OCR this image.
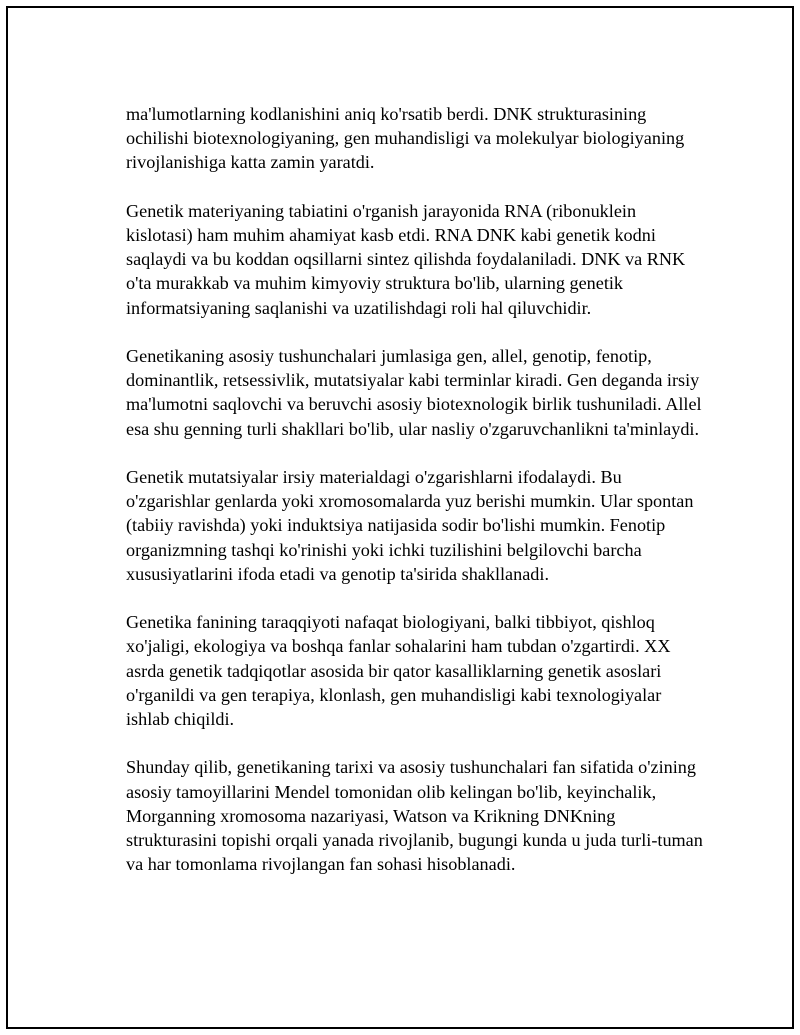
ma'lumotlarning kodlanishini aniq ko'rsatib berdi. DNK strukturasining ochilishi biotexnologiyaning, gen muhandisligi va molekulyar biologiyaning rivojlanishiga katta zamin yaratdi.

Genetik materiyaning tabiatini o'rganish jarayonida RNA (ribonuklein kislotasi) ham muhim ahamiyat kasb etdi. RNA DNK kabi genetik kodni saqlaydi va bu koddan oqsillarni sintez qilishda foydalaniladi. DNK va RNK o'ta murakkab va muhim kimyoviy struktura bo'lib, ularning genetik informatsiyaning saqlanishi va uzatilishdagi roli hal qiluvchidir.

Genetikaning asosiy tushunchalari jumlasiga gen, allel, genotip, fenotip, dominantlik, retsessivlik, mutatsiyalar kabi terminlar kiradi. Gen deganda irsiy ma'lumotni saqlovchi va beruvchi asosiy biotexnologik birlik tushuniladi. Allel esa shu genning turli shakllari bo'lib, ular nasliy o'zgaruvchanlikni ta'minlaydi.

Genetik mutatsiyalar irsiy materialdagi o'zgarishlarni ifodalaydi. Bu o'zgarishlar genlarda yoki xromosomalarda yuz berishi mumkin. Ular spontan (tabiiy ravishda) yoki induktsiya natijasida sodir bo'lishi mumkin. Fenotip organizmning tashqi ko'rinishi yoki ichki tuzilishini belgilovchi barcha xususiyatlarini ifoda etadi va genotip ta'sirida shakllanadi.

Genetika fanining taraqqiyoti nafaqat biologiyani, balki tibbiyot, qishloq xo'jaligi, ekologiya va boshqa fanlar sohalarini ham tubdan o'zgartirdi. XX asrda genetik tadqiqotlar asosida bir qator kasalliklarning genetik asoslari o'rganildi va gen terapiya, klonlash, gen muhandisligi kabi texnologiyalar ishlab chiqildi.

Shunday qilib, genetikaning tarixi va asosiy tushunchalari fan sifatida o'zining asosiy tamoyillarini Mendel tomonidan olib kelingan bo'lib, keyinchalik, Morganning xromosoma nazariyasi, Watson va Krikning DNKning strukturasini topishi orqali yanada rivojlanib, bugungi kunda u juda turli-tuman va har tomonlama rivojlangan fan sohasi hisoblanadi.
